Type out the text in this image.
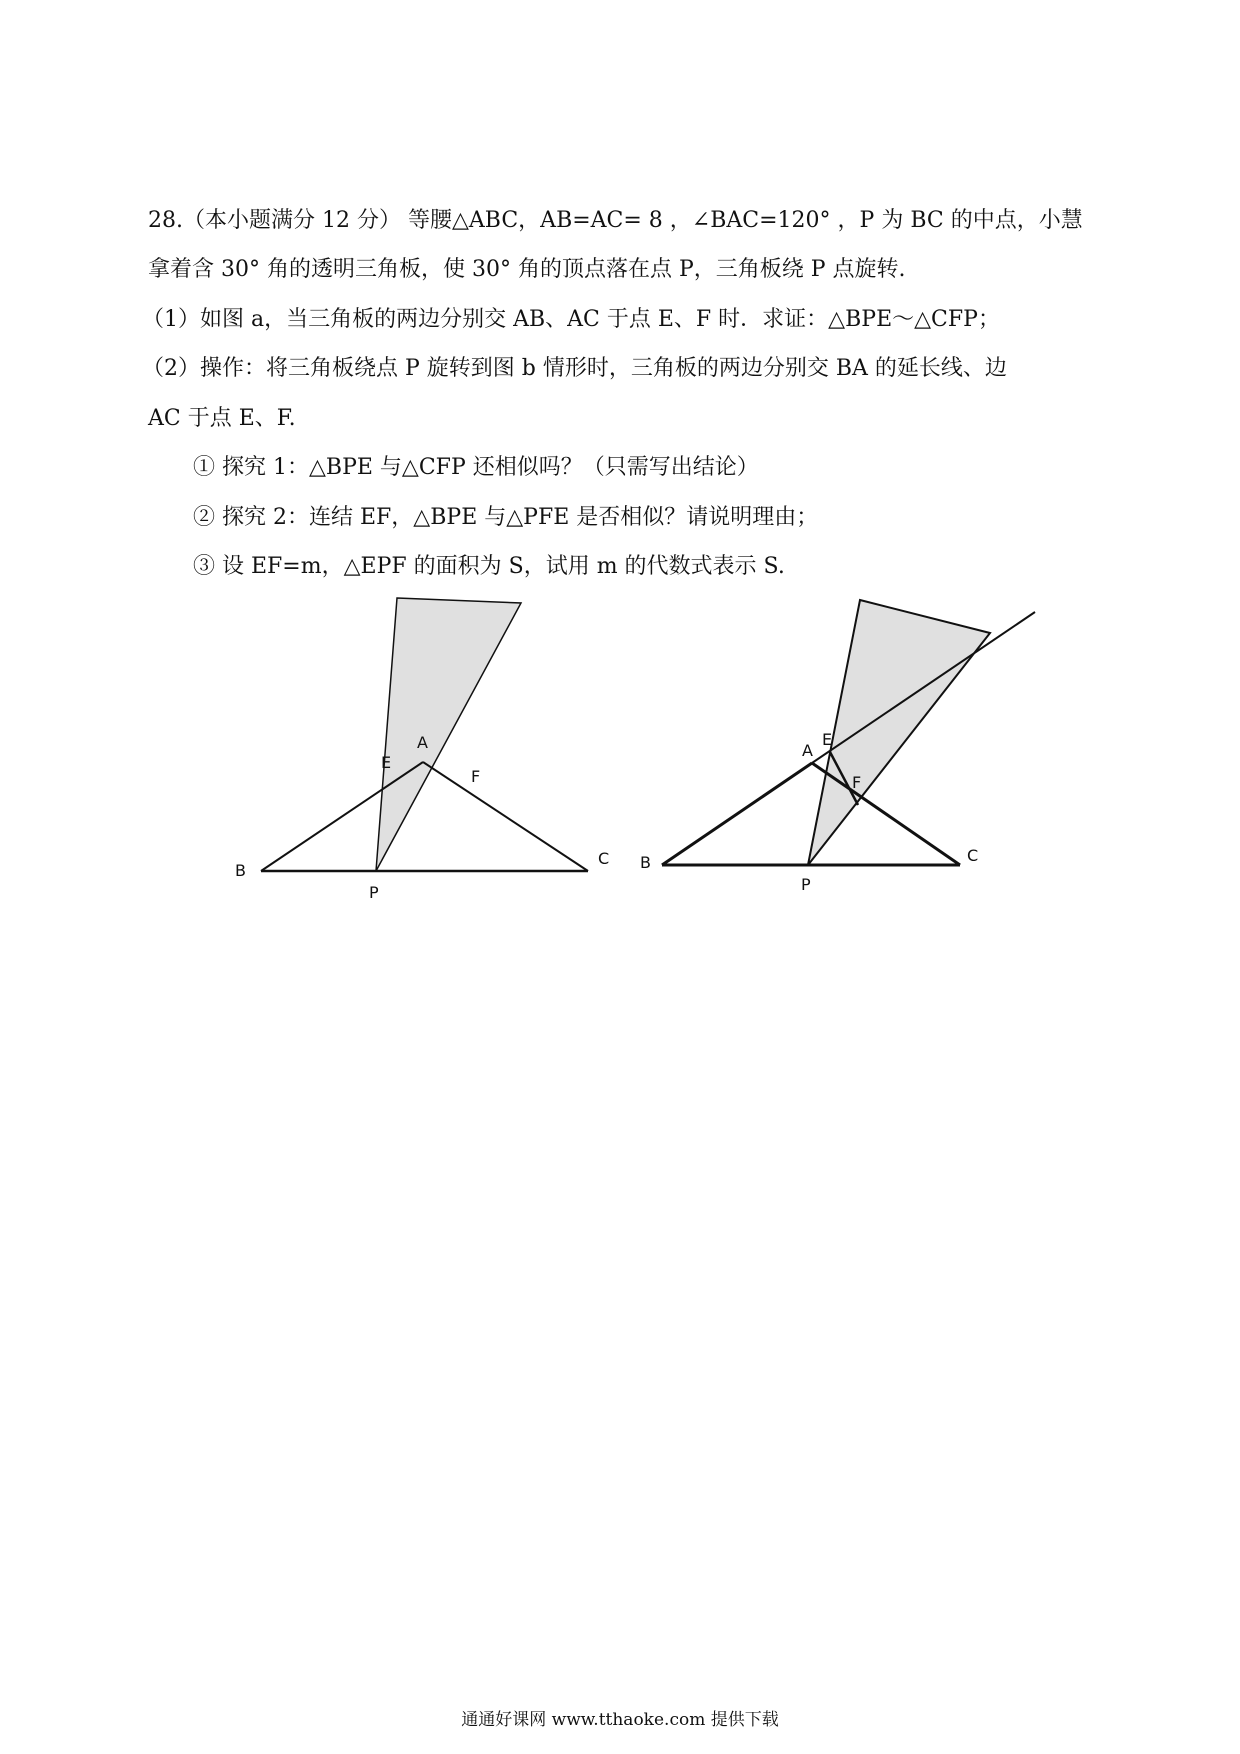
28.（本小题满分 12 分） 等腰△ABC，AB=AC= 8 ，∠BAC=120° ，P 为 BC 的中点，小慧
拿着含 30° 角的透明三角板，使 30° 角的顶点落在点 P，三角板绕 P 点旋转.
（1）如图 a，当三角板的两边分别交 AB、AC 于点 E、F 时．求证：△BPE～△CFP；
（2）操作：将三角板绕点 P 旋转到图 b 情形时，三角板的两边分别交 BA 的延长线、边
AC 于点 E、F.
① 探究 1：△BPE 与△CFP 还相似吗？（只需写出结论）
② 探究 2：连结 EF，△BPE 与△PFE 是否相似？请说明理由；
③ 设 EF=m，△EPF 的面积为 S，试用 m 的代数式表示 S.
A
E
F
B
C
P
A
E
F
B	C
P
通通好课网 www.tthaoke.com 提供下载
